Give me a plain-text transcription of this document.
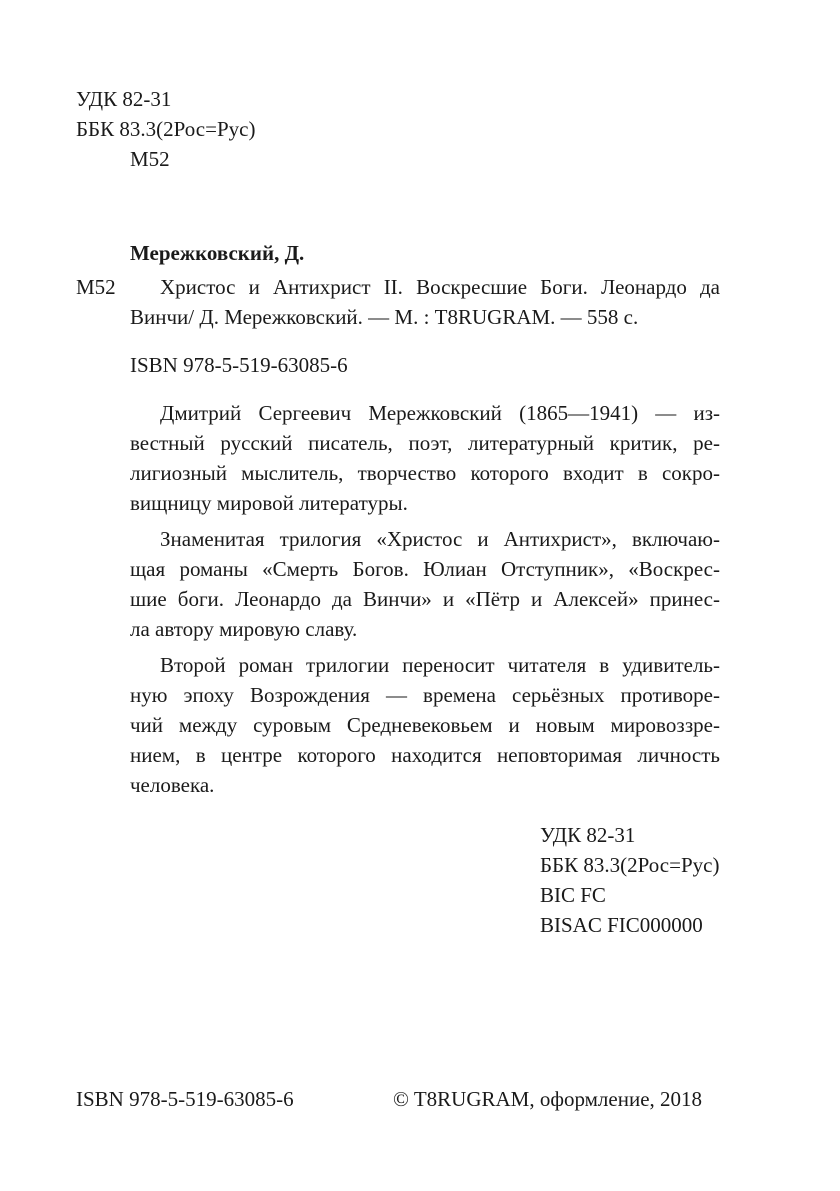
УДК 82-31
ББК 83.3(2Рос=Рус)
М52
Мережковский, Д.
М52 Христос и Антихрист II. Воскресшие Боги. Леонардо да
Винчи/ Д. Мережковский. — М. : T8RUGRAM. — 558 с.
ISBN 978-5-519-63085-6
Дмитрий Сергеевич Мережковский (1865—1941) — из-
вестный русский писатель, поэт, литературный критик, ре-
лигиозный мыслитель, творчество которого входит в сокро-
вищницу мировой литературы.
Знаменитая трилогия «Христос и Антихрист», включаю-
щая романы «Смерть Богов. Юлиан Отступник», «Воскрес-
шие боги. Леонардо да Винчи» и «Пётр и Алексей» принес-
ла автору мировую славу.
Второй роман трилогии переносит читателя в удивитель-
ную эпоху Возрождения — времена серьёзных противоре-
чий между суровым Средневековьем и новым мировоззре-
нием, в центре которого находится неповторимая личность
человека.
УДК 82-31
ББК 83.3(2Рос=Рус)
BIC FC
BISAC FIC000000
ISBN 978-5-519-63085-6	© T8RUGRAM, оформление, 2018
